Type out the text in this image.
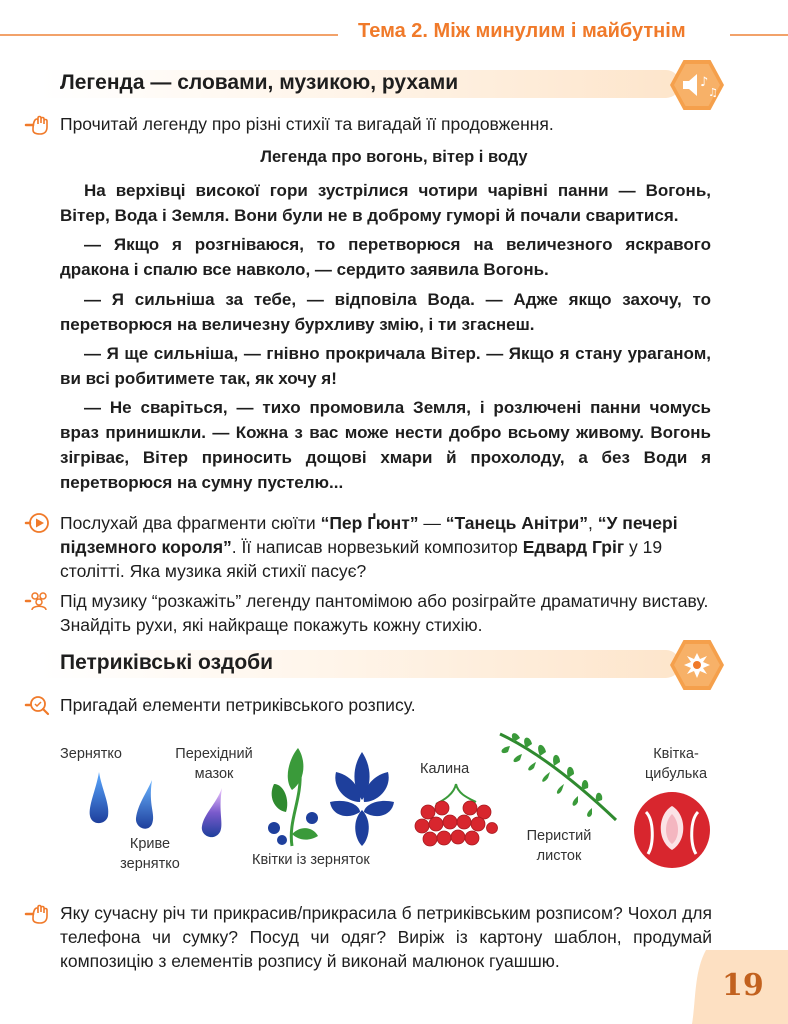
Тема 2. Між минулим і майбутнім
Легенда — словами, музикою, рухами	♪
♫
Прочитай легенду про різні стихії та вигадай її продовження.
Легенда про вогонь, вітер і воду
На верхівці високої гори зустрілися чотири чарівні панни — Вогонь, Вітер, Вода і Земля. Вони були не в доброму гуморі й почали сваритися.
— Якщо я розгніваюся, то перетворюся на величезного яскравого дракона і спалю все навколо, — сердито заявила Вогонь.
— Я сильніша за тебе, — відповіла Вода. — Адже якщо захочу, то перетворюся на величезну бурхливу змію, і ти згаснеш.
— Я ще сильніша, — гнівно прокричала Вітер. — Якщо я стану ураганом, ви всі робитимете так, як хочу я!
— Не сваріться, — тихо промовила Земля, і розлючені панни чомусь враз принишкли. — Кожна з вас може нести добро всьому живому. Вогонь зігріває, Вітер приносить дощові хмари й прохолоду, а без Води я перетворюся на сумну пустелю...
Послухай два фрагменти сюїти “Пер Ґюнт” — “Танець Анітри”, “У печері підземного короля”. Її написав норвезький композитор Едвард Гріг у 19 столітті. Яка музика якій стихії пасує?
Під музику “розкажіть” легенду пантомімою або розіграйте драматичну виставу. Знайдіть рухи, які найкраще покажуть кожну стихію.
Петриківські оздоби
Пригадай елементи петриківського розпису.
Зернятко	Перехідний мазок
Криве зернятко	Квітки із зерняток
Калина
Перистий листок
Квітка-цибулька
Яку сучасну річ ти прикрасив/прикрасила б петриківським розписом? Чохол для телефона чи сумку? Посуд чи одяг? Виріж із картону шаблон, продумай композицію з елементів розпису й виконай малюнок гуашшю.
19
